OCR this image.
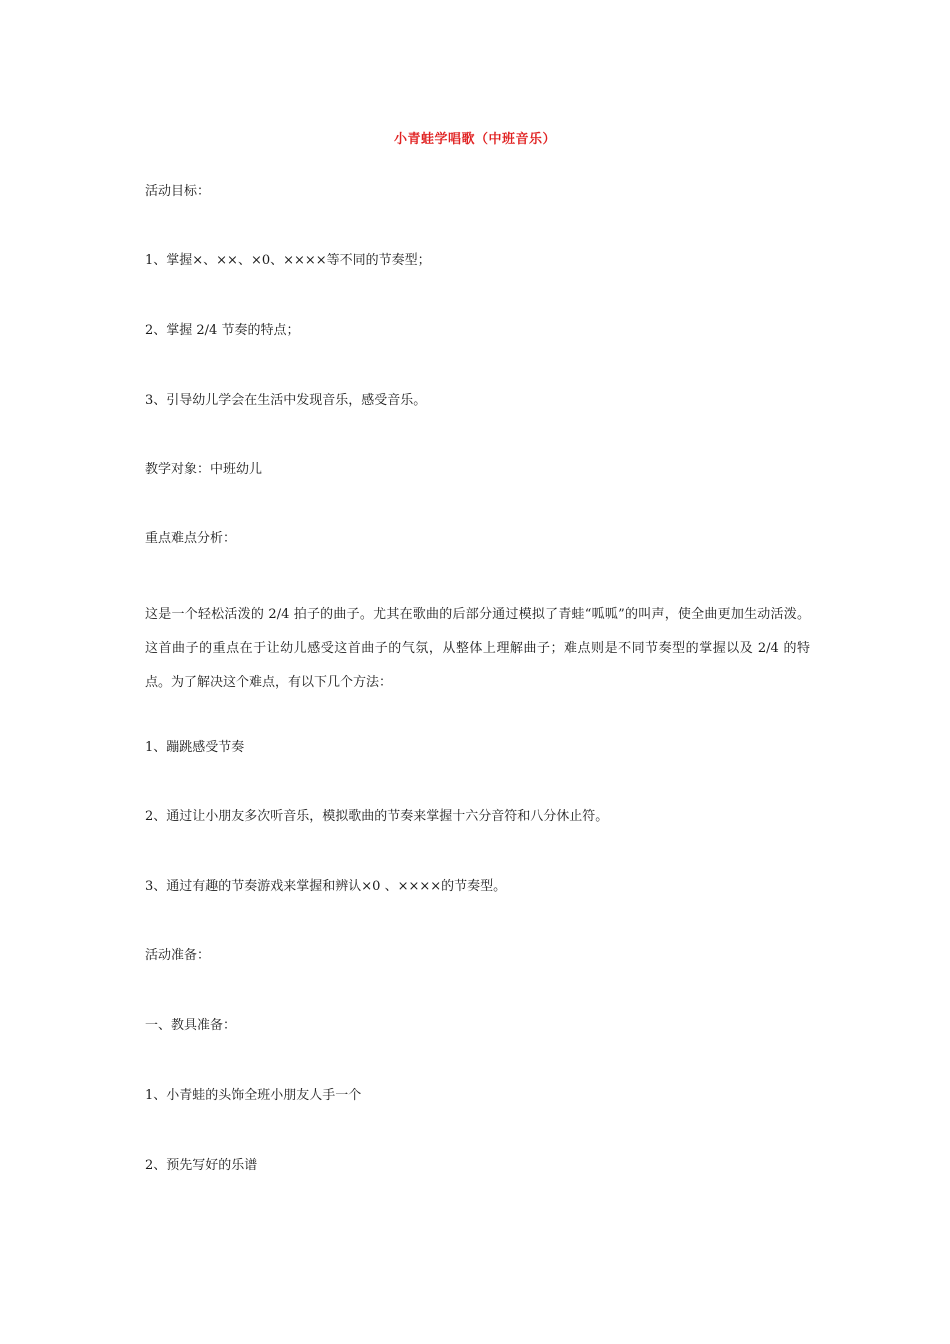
小青蛙学唱歌（中班音乐）
活动目标：
1、掌握×、××、×0、××××等不同的节奏型；
2、掌握 2/4 节奏的特点；
3、引导幼儿学会在生活中发现音乐，感受音乐。
教学对象：中班幼儿
重点难点分析：
这是一个轻松活泼的 2/4 拍子的曲子。尤其在歌曲的后部分通过模拟了青蛙“呱呱”的叫声，使全曲更加生动活泼。这首曲子的重点在于让幼儿感受这首曲子的气氛，从整体上理解曲子；难点则是不同节奏型的掌握以及 2/4 的特点。为了解决这个难点，有以下几个方法：
1、蹦跳感受节奏
2、通过让小朋友多次听音乐，模拟歌曲的节奏来掌握十六分音符和八分休止符。
3、通过有趣的节奏游戏来掌握和辨认×0 、××××的节奏型。
活动准备：
一、教具准备：
1、小青蛙的头饰全班小朋友人手一个
2、预先写好的乐谱
